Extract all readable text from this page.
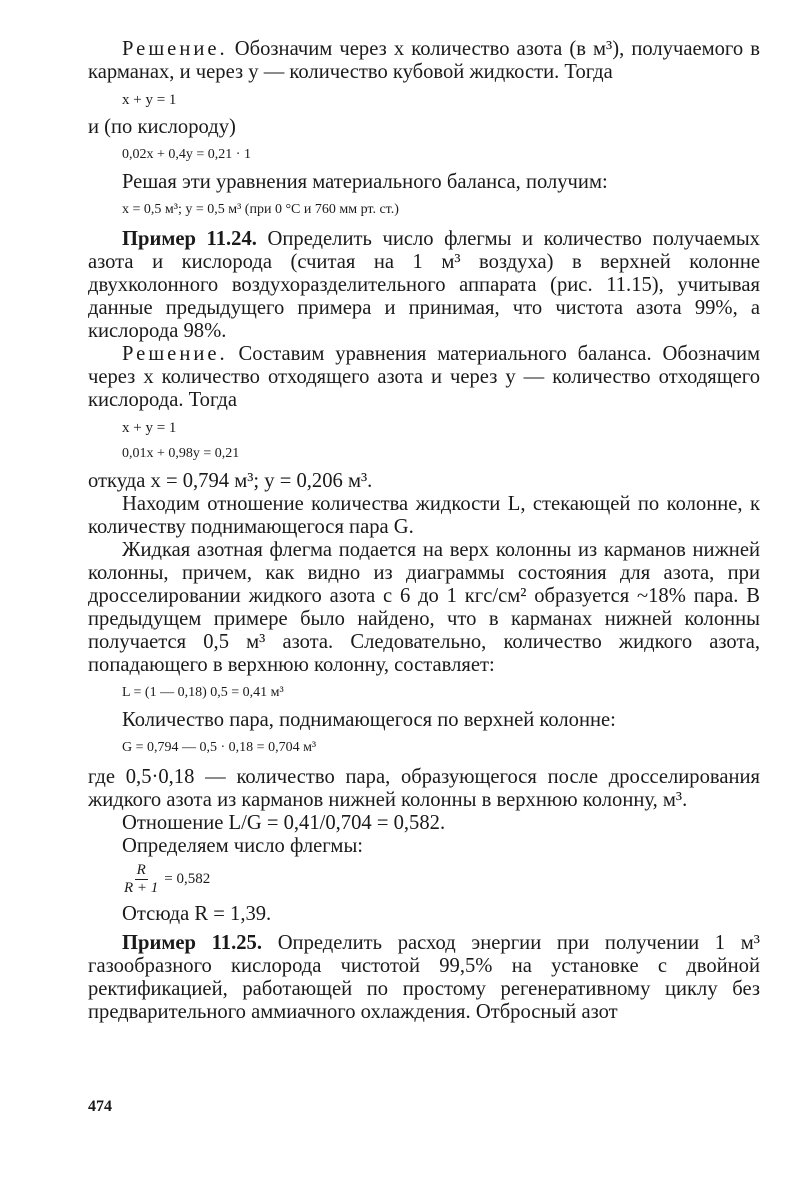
Решение. Обозначим через x количество азота (в м³), получаемого в карманах, и через y — количество кубовой жидкости. Тогда

x + y = 1

и (по кислороду)

0,02x + 0,4y = 0,21 · 1

Решая эти уравнения материального баланса, получим:

x = 0,5 м³; y = 0,5 м³ (при 0 °С и 760 мм рт. ст.)

Пример 11.24. Определить число флегмы и количество получаемых азота и кислорода (считая на 1 м³ воздуха) в верхней колонне двухколонного воздухоразделительного аппарата (рис. 11.15), учитывая данные предыдущего примера и принимая, что чистота азота 99%, а кислорода 98%.

Решение. Составим уравнения материального баланса. Обозначим через x количество отходящего азота и через y — количество отходящего кислорода. Тогда

x + y = 1
0,01x + 0,98y = 0,21

откуда x = 0,794 м³; y = 0,206 м³.

Находим отношение количества жидкости L, стекающей по колонне, к количеству поднимающегося пара G.

Жидкая азотная флегма подается на верх колонны из карманов нижней колонны, причем, как видно из диаграммы состояния для азота, при дросселировании жидкого азота с 6 до 1 кгс/см² образуется ~18% пара. В предыдущем примере было найдено, что в карманах нижней колонны получается 0,5 м³ азота. Следовательно, количество жидкого азота, попадающего в верхнюю колонну, составляет:

L = (1 — 0,18) 0,5 = 0,41 м³

Количество пара, поднимающегося по верхней колонне:

G = 0,794 — 0,5 · 0,18 = 0,704 м³

где 0,5·0,18 — количество пара, образующегося после дросселирования жидкого азота из карманов нижней колонны в верхнюю колонну, м³.

Отношение L/G = 0,41/0,704 = 0,582.

Определяем число флегмы:

$\frac{R}{R + 1} = 0,582$

Отсюда R = 1,39.

Пример 11.25. Определить расход энергии при получении 1 м³ газообразного кислорода чистотой 99,5% на установке с двойной ректификацией, работающей по простому регенеративному циклу без предварительного аммиачного охлаждения. Отбросный азот

474
